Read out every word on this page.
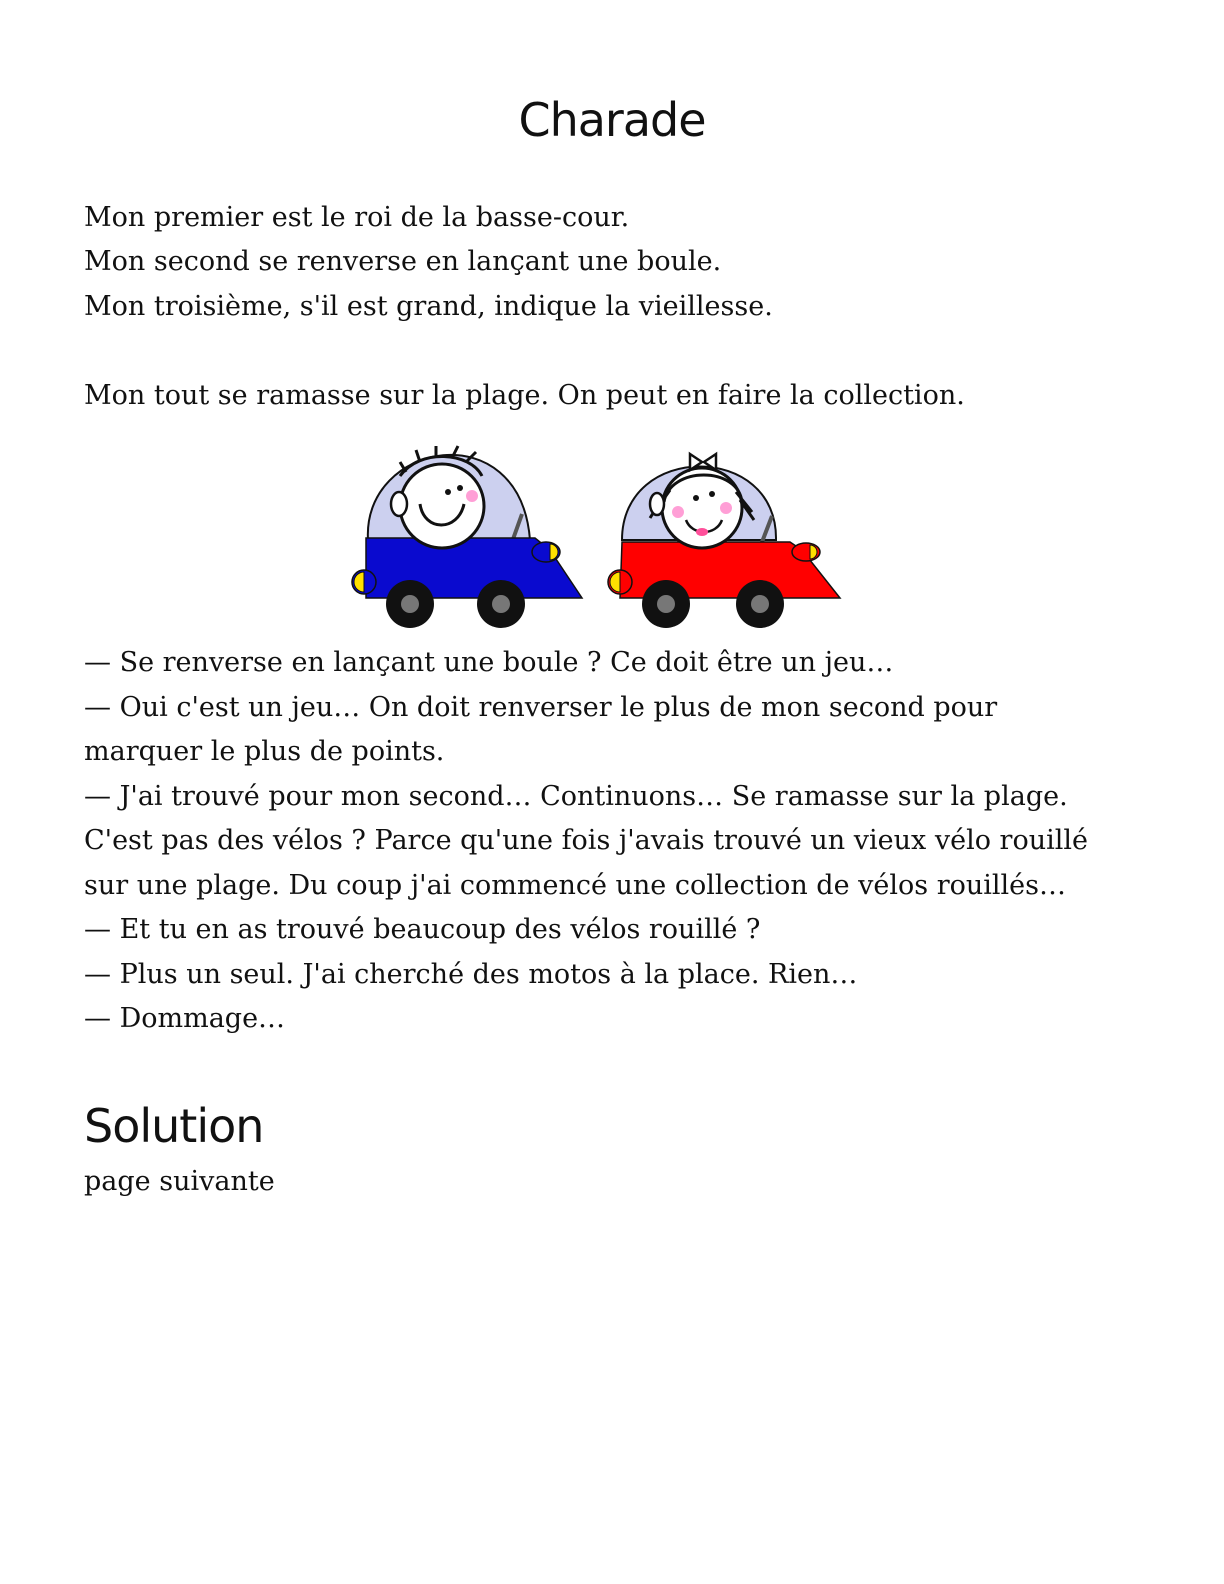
Charade

Mon premier est le roi de la basse-cour.

Mon second se renverse en lançant une boule.

Mon troisième, s'il est grand, indique la vieillesse.

Mon tout se ramasse sur la plage. On peut en faire la collection.

— Se renverse en lançant une boule ? Ce doit être un jeu…

— Oui c'est un jeu… On doit renverser le plus de mon second pour

marquer le plus de points.

— J'ai trouvé pour mon second… Continuons… Se ramasse sur la plage.

C'est pas des vélos ? Parce qu'une fois j'avais trouvé un vieux vélo rouillé

sur une plage. Du coup j'ai commencé une collection de vélos rouillés…

— Et tu en as trouvé beaucoup des vélos rouillé ?

— Plus un seul. J'ai cherché des motos à la place. Rien…

— Dommage…

Solution

page suivante
